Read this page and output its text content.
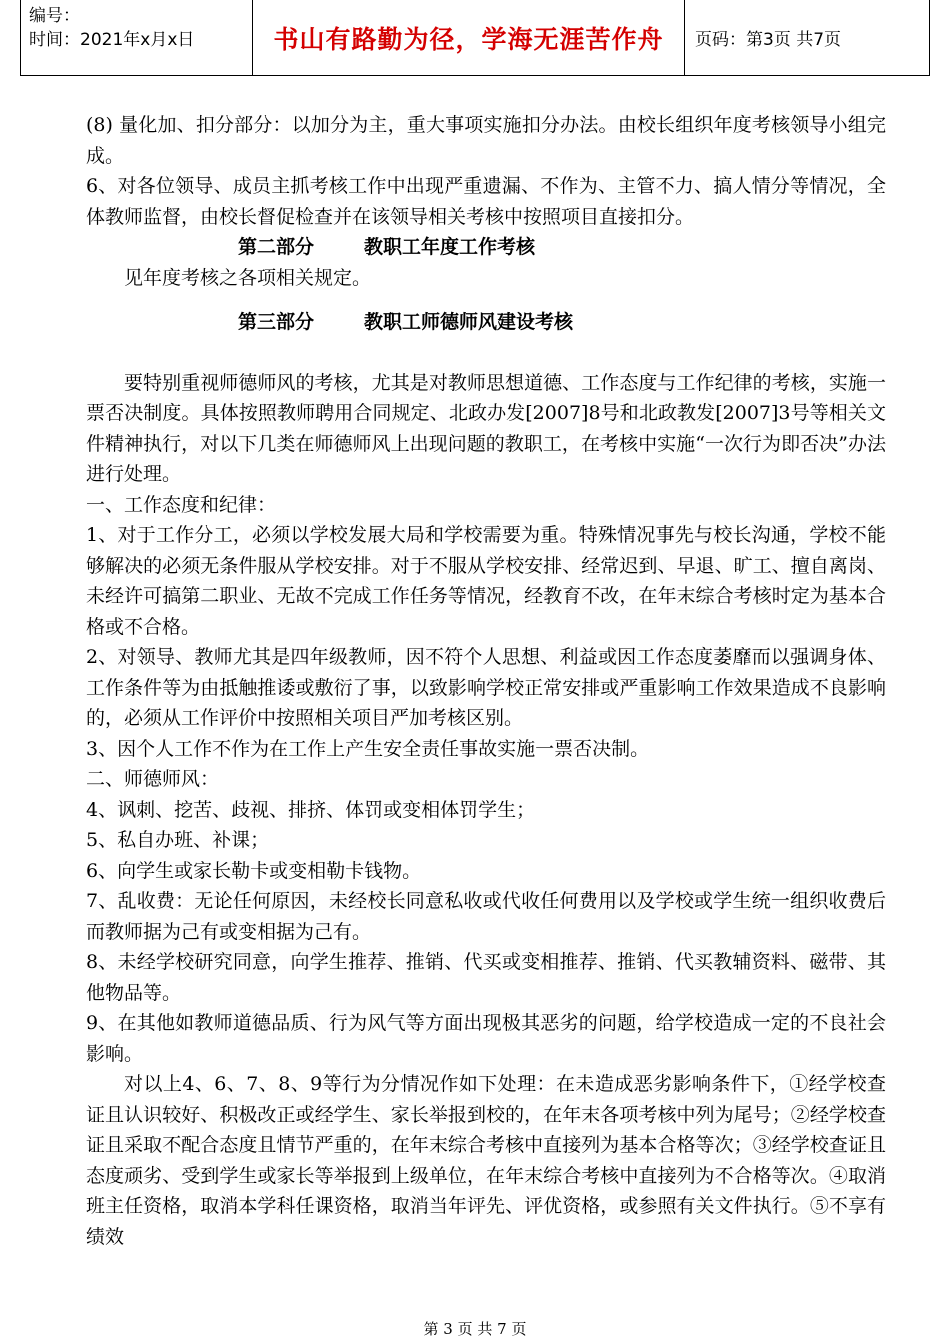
编号：
时间：2021年x月x日	书山有路勤为径，学海无涯苦作舟	页码：第3页 共7页

(8) 量化加、扣分部分：以加分为主，重大事项实施扣分办法。由校长组织年度考核领导小组完成。

6、对各位领导、成员主抓考核工作中出现严重遗漏、不作为、主管不力、搞人情分等情况，全体教师监督，由校长督促检查并在该领导相关考核中按照项目直接扣分。

第二部分	教职工年度工作考核

见年度考核之各项相关规定。

第三部分	教职工师德师风建设考核

要特别重视师德师风的考核，尤其是对教师思想道德、工作态度与工作纪律的考核，实施一票否决制度。具体按照教师聘用合同规定、北政办发[2007]8号和北政教发[2007]3号等相关文件精神执行，对以下几类在师德师风上出现问题的教职工，在考核中实施“一次行为即否决”办法进行处理。

一、工作态度和纪律：

1、对于工作分工，必须以学校发展大局和学校需要为重。特殊情况事先与校长沟通，学校不能够解决的必须无条件服从学校安排。对于不服从学校安排、经常迟到、早退、旷工、擅自离岗、未经许可搞第二职业、无故不完成工作任务等情况，经教育不改，在年末综合考核时定为基本合格或不合格。

2、对领导、教师尤其是四年级教师，因不符个人思想、利益或因工作态度萎靡而以强调身体、工作条件等为由抵触推诿或敷衍了事，以致影响学校正常安排或严重影响工作效果造成不良影响的，必须从工作评价中按照相关项目严加考核区别。

3、因个人工作不作为在工作上产生安全责任事故实施一票否决制。

二、师德师风：

4、讽刺、挖苦、歧视、排挤、体罚或变相体罚学生；

5、私自办班、补课；

6、向学生或家长勒卡或变相勒卡钱物。

7、乱收费：无论任何原因，未经校长同意私收或代收任何费用以及学校或学生统一组织收费后而教师据为己有或变相据为己有。

8、未经学校研究同意，向学生推荐、推销、代买或变相推荐、推销、代买教辅资料、磁带、其他物品等。

9、在其他如教师道德品质、行为风气等方面出现极其恶劣的问题，给学校造成一定的不良社会影响。

对以上4、6、7、8、9等行为分情况作如下处理：在未造成恶劣影响条件下，①经学校查证且认识较好、积极改正或经学生、家长举报到校的，在年末各项考核中列为尾号；②经学校查证且采取不配合态度且情节严重的，在年末综合考核中直接列为基本合格等次；③经学校查证且态度顽劣、受到学生或家长等举报到上级单位，在年末综合考核中直接列为不合格等次。④取消班主任资格，取消本学科任课资格，取消当年评先、评优资格，或参照有关文件执行。⑤不享有绩效

第 3 页 共 7 页
